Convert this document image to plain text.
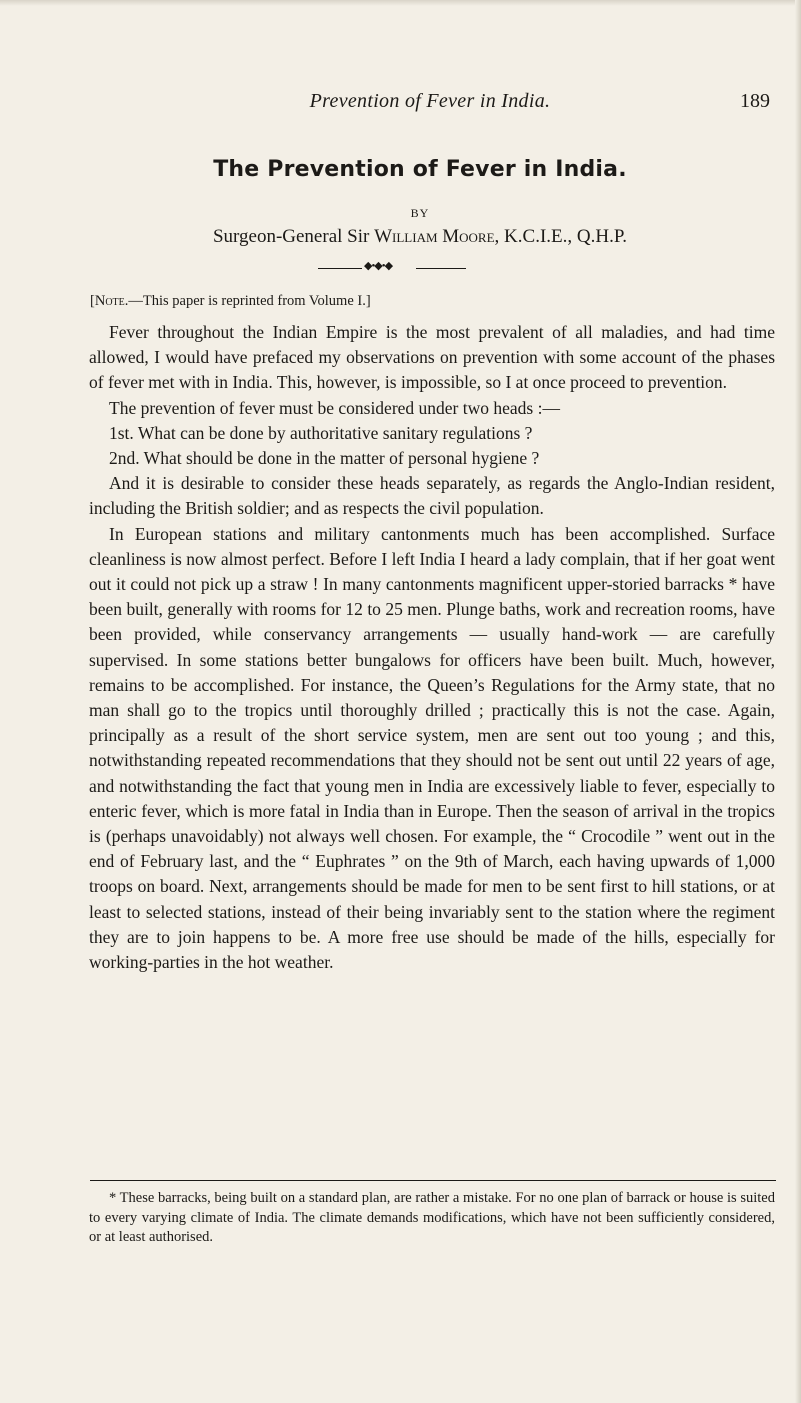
Prevention of Fever in India.	189
The Prevention of Fever in India.
BY
Surgeon-General Sir William Moore, K.C.I.E., Q.H.P.
◆•◆•◆
[Note.—This paper is reprinted from Volume I.]

Fever throughout the Indian Empire is the most prevalent of all maladies, and had time allowed, I would have prefaced my observations on prevention with some account of the phases of fever met with in India. This, however, is impossible, so I at once proceed to prevention.

The prevention of fever must be considered under two heads :—

1st. What can be done by authoritative sanitary regulations ?

2nd. What should be done in the matter of personal hygiene ?

And it is desirable to consider these heads separately, as regards the Anglo-Indian resident, including the British soldier; and as respects the civil population.

In European stations and military cantonments much has been accomplished. Surface cleanliness is now almost perfect. Before I left India I heard a lady complain, that if her goat went out it could not pick up a straw ! In many cantonments magnificent upper-storied barracks * have been built, generally with rooms for 12 to 25 men. Plunge baths, work and recreation rooms, have been provided, while conservancy arrangements — usually hand-work — are carefully supervised. In some stations better bungalows for officers have been built. Much, however, remains to be accomplished. For instance, the Queen’s Regulations for the Army state, that no man shall go to the tropics until thoroughly drilled ; practically this is not the case. Again, principally as a result of the short service system, men are sent out too young ; and this, notwithstanding repeated recommendations that they should not be sent out until 22 years of age, and notwithstanding the fact that young men in India are excessively liable to fever, especially to enteric fever, which is more fatal in India than in Europe. Then the season of arrival in the tropics is (perhaps unavoidably) not always well chosen. For example, the “ Crocodile ” went out in the end of February last, and the “ Euphrates ” on the 9th of March, each having upwards of 1,000 troops on board. Next, arrangements should be made for men to be sent first to hill stations, or at least to selected stations, instead of their being invariably sent to the station where the regiment they are to join happens to be. A more free use should be made of the hills, especially for working-parties in the hot weather.

* These barracks, being built on a standard plan, are rather a mistake. For no one plan of barrack or house is suited to every varying climate of India. The climate demands modifications, which have not been sufficiently considered, or at least authorised.
